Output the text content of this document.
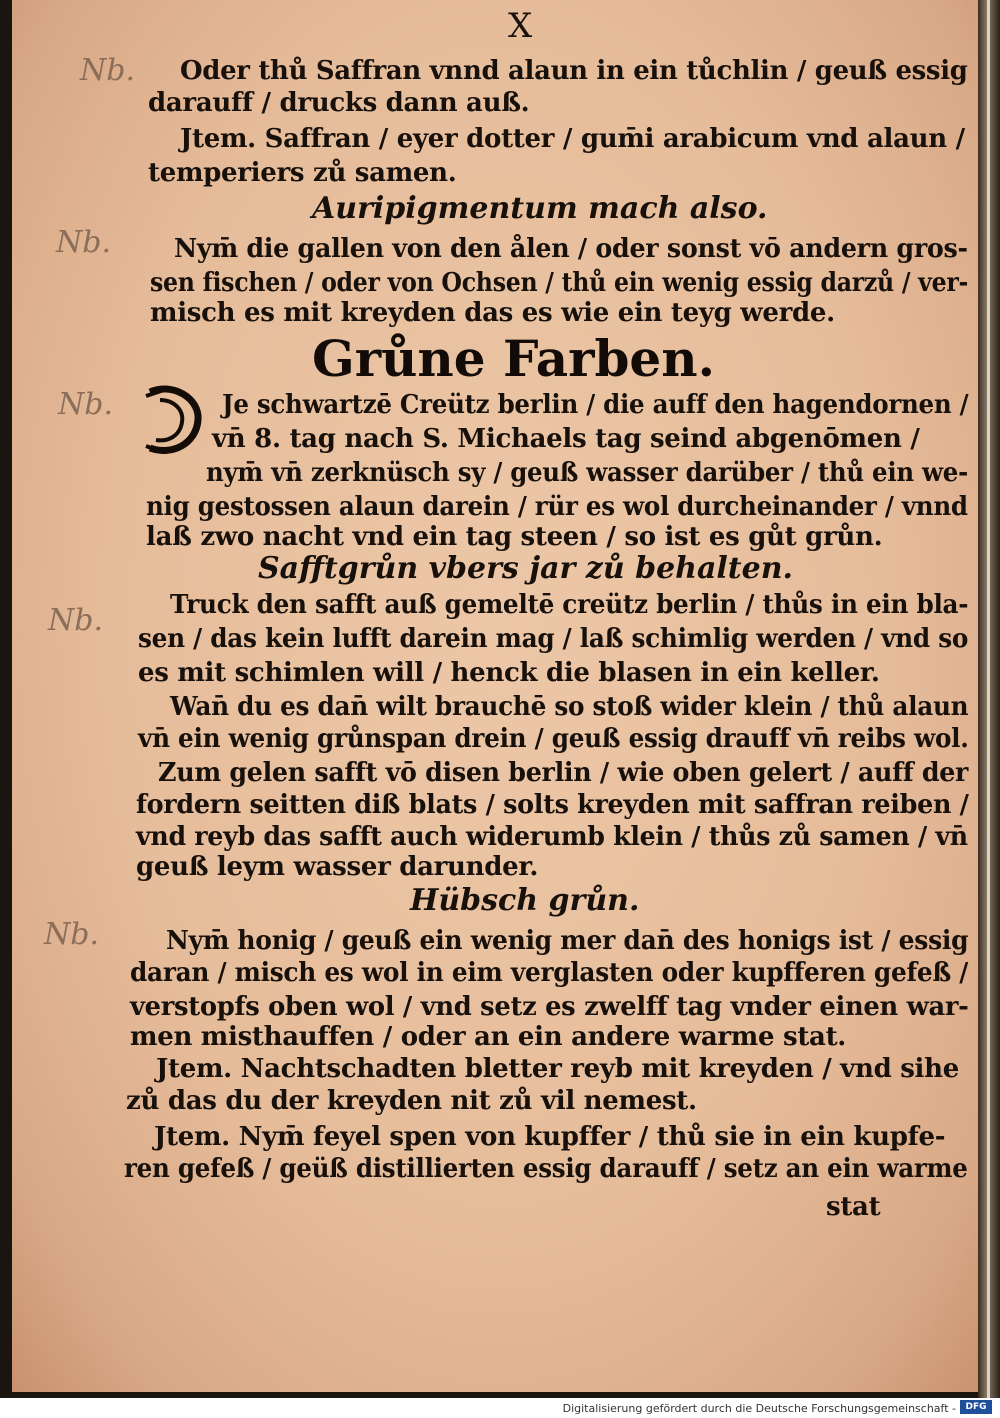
X
Nb.
Nb.
Nb.
Nb.
Nb.
Oder thů Saffran vnnd alaun in ein tůchlin / geuß essig
darauff / drucks dann auß.
Jtem. Saffran / eyer dotter / gum̄i arabicum vnd alaun /
temperiers zů samen.
Auripigmentum mach also.
Nym̄ die gallen von den ålen / oder sonst vō andern gros-
sen fischen / oder von Ochsen / thů ein wenig essig darzů / ver-
misch es mit kreyden das es wie ein teyg werde.
Grůne Farben.
Je schwartzē Creütz berlin / die auff den hagendornen /
vn̄ 8. tag nach S. Michaels tag seind abgenōmen /
nym̄ vn̄ zerknüsch sy / geuß wasser darüber / thů ein we-
nig gestossen alaun darein / rür es wol durcheinander / vnnd
laß zwo nacht vnd ein tag steen / so ist es gůt grůn.
Safftgrůn vbers jar zů behalten.
Truck den safft auß gemeltē creütz berlin / thůs in ein bla-
sen / das kein lufft darein mag / laß schimlig werden / vnd so
es mit schimlen will / henck die blasen in ein keller.
Wan̄ du es dan̄ wilt brauchē so stoß wider klein / thů alaun
vn̄ ein wenig grůnspan drein / geuß essig drauff vn̄ reibs wol.
Zum gelen safft vō disen berlin / wie oben gelert / auff der
fordern seitten diß blats / solts kreyden mit saffran reiben /
vnd reyb das safft auch widerumb klein / thůs zů samen / vn̄
geuß leym wasser darunder.
Hübsch grůn.
Nym̄ honig / geuß ein wenig mer dan̄ des honigs ist / essig
daran / misch es wol in eim verglasten oder kupfferen gefeß /
verstopfs oben wol / vnd setz es zwelff tag vnder einen war-
men misthauffen / oder an ein andere warme stat.
Jtem. Nachtschadten bletter reyb mit kreyden / vnd sihe
zů das du der kreyden nit zů vil nemest.
Jtem. Nym̄ feyel spen von kupffer / thů sie in ein kupfe-
ren gefeß / geüß distillierten essig darauff / setz an ein warme
stat
Digitalisierung gefördert durch die Deutsche Forschungsgemeinschaft -	DFG
